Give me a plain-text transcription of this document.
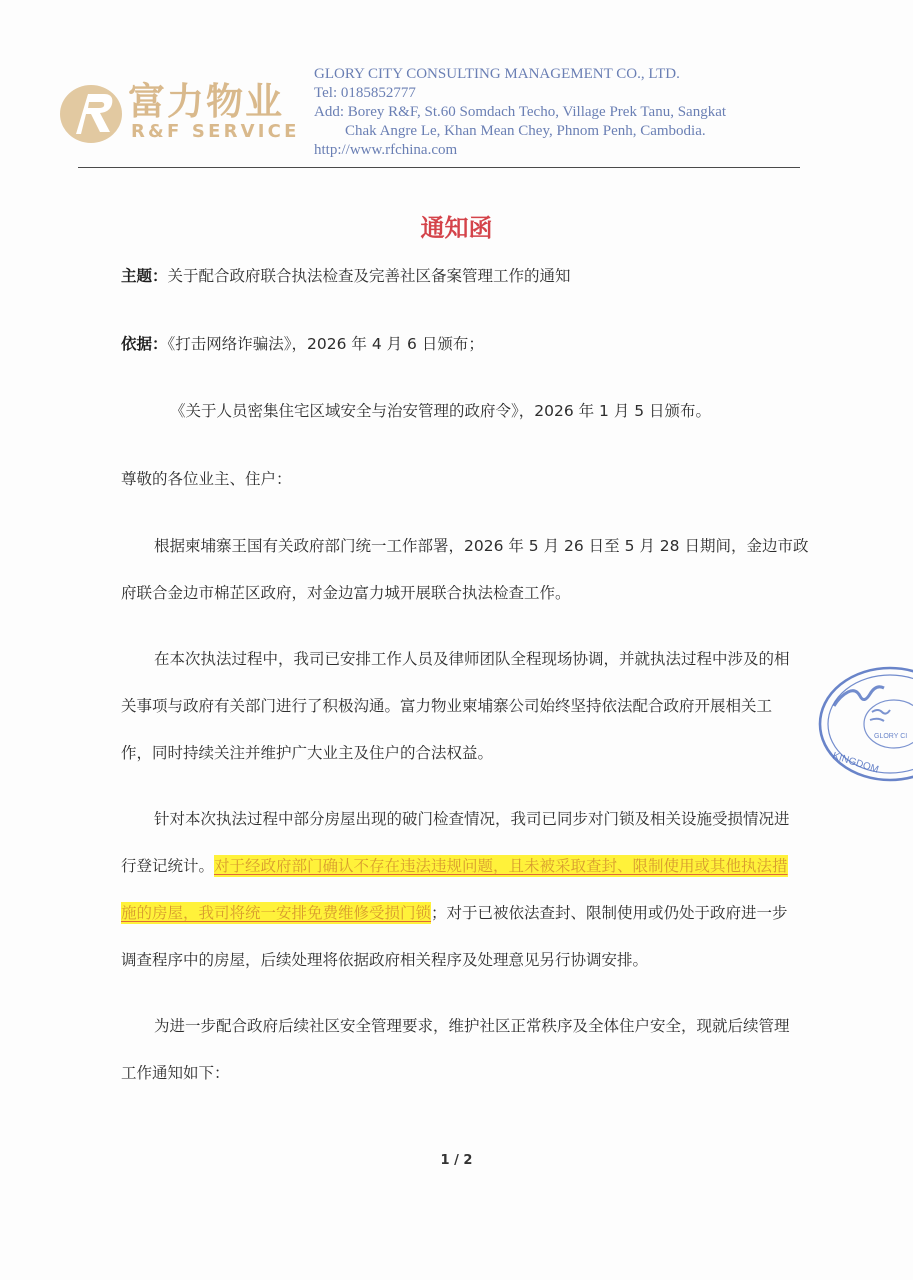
富力物业
R&F SERVICE
GLORY CITY CONSULTING MANAGEMENT CO., LTD.
Tel: 0185852777
Add: Borey R&F, St.60 Somdach Techo, Village Prek Tanu, Sangkat
Chak Angre Le, Khan Mean Chey, Phnom Penh, Cambodia.
http://www.rfchina.com
通知函
主题：关于配合政府联合执法检查及完善社区备案管理工作的通知
依据：《打击网络诈骗法》，2026 年 4 月 6 日颁布；
《关于人员密集住宅区域安全与治安管理的政府令》，2026 年 1 月 5 日颁布。
尊敬的各位业主、住户：
根据柬埔寨王国有关政府部门统一工作部署，2026 年 5 月 26 日至 5 月 28 日期间，金边市政
府联合金边市棉芷区政府，对金边富力城开展联合执法检查工作。
在本次执法过程中，我司已安排工作人员及律师团队全程现场协调，并就执法过程中涉及的相
关事项与政府有关部门进行了积极沟通。富力物业柬埔寨公司始终坚持依法配合政府开展相关工
作，同时持续关注并维护广大业主及住户的合法权益。
针对本次执法过程中部分房屋出现的破门检查情况，我司已同步对门锁及相关设施受损情况进
行登记统计。对于经政府部门确认不存在违法违规问题，且未被采取查封、限制使用或其他执法措
施的房屋，我司将统一安排免费维修受损门锁；对于已被依法查封、限制使用或仍处于政府进一步
调查程序中的房屋，后续处理将依据政府相关程序及处理意见另行协调安排。
为进一步配合政府后续社区安全管理要求，维护社区正常秩序及全体住户安全，现就后续管理
工作通知如下：
1 / 2
GLORY CI
KINGDOM
